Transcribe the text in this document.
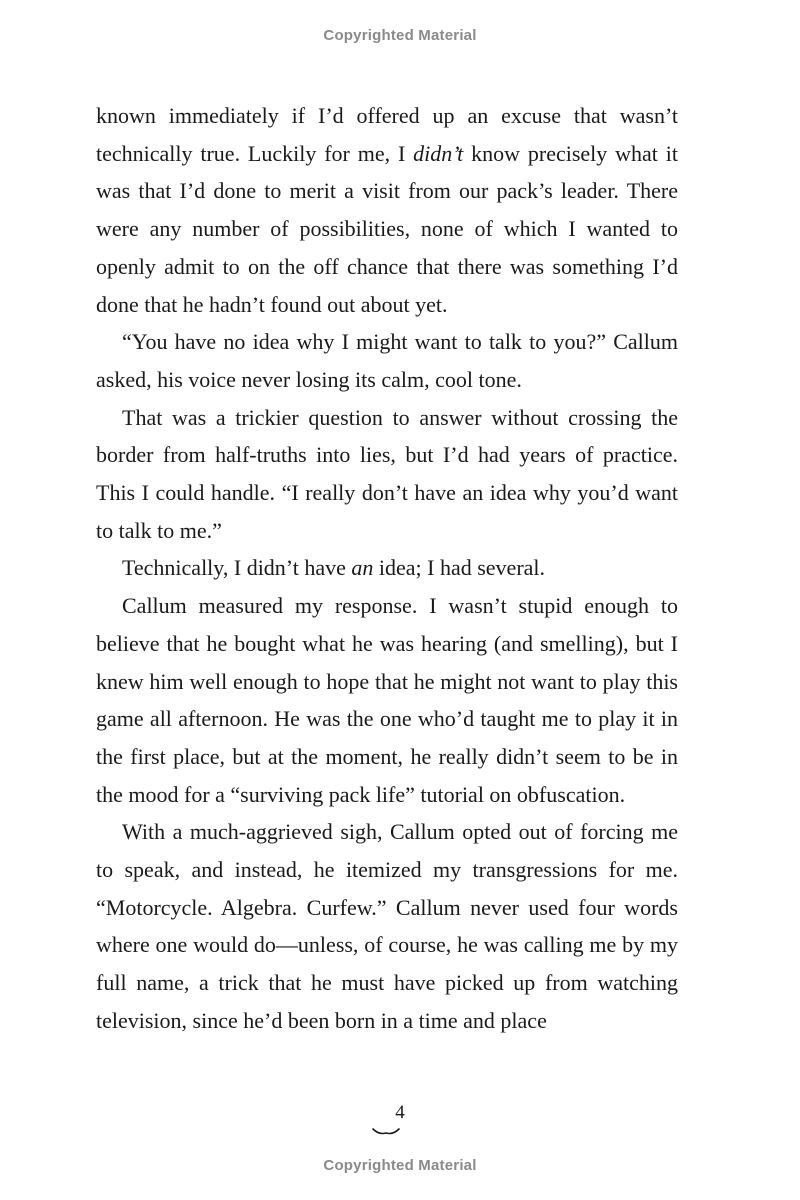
Copyrighted Material

known immediately if I’d offered up an excuse that wasn’t technically true. Luckily for me, I didn’t know precisely what it was that I’d done to merit a visit from our pack’s leader. There were any number of possibilities, none of which I wanted to openly admit to on the off chance that there was something I’d done that he hadn’t found out about yet.

“You have no idea why I might want to talk to you?” Callum asked, his voice never losing its calm, cool tone.

That was a trickier question to answer without crossing the border from half-truths into lies, but I’d had years of practice. This I could handle. “I really don’t have an idea why you’d want to talk to me.”

Technically, I didn’t have an idea; I had several.

Callum measured my response. I wasn’t stupid enough to believe that he bought what he was hearing (and smelling), but I knew him well enough to hope that he might not want to play this game all afternoon. He was the one who’d taught me to play it in the first place, but at the moment, he really didn’t seem to be in the mood for a “surviving pack life” tutorial on obfuscation.

With a much-aggrieved sigh, Callum opted out of forcing me to speak, and instead, he itemized my transgressions for me. “Motorcycle. Algebra. Curfew.” Callum never used four words where one would do—unless, of course, he was calling me by my full name, a trick that he must have picked up from watching television, since he’d been born in a time and place

4
Copyrighted Material
